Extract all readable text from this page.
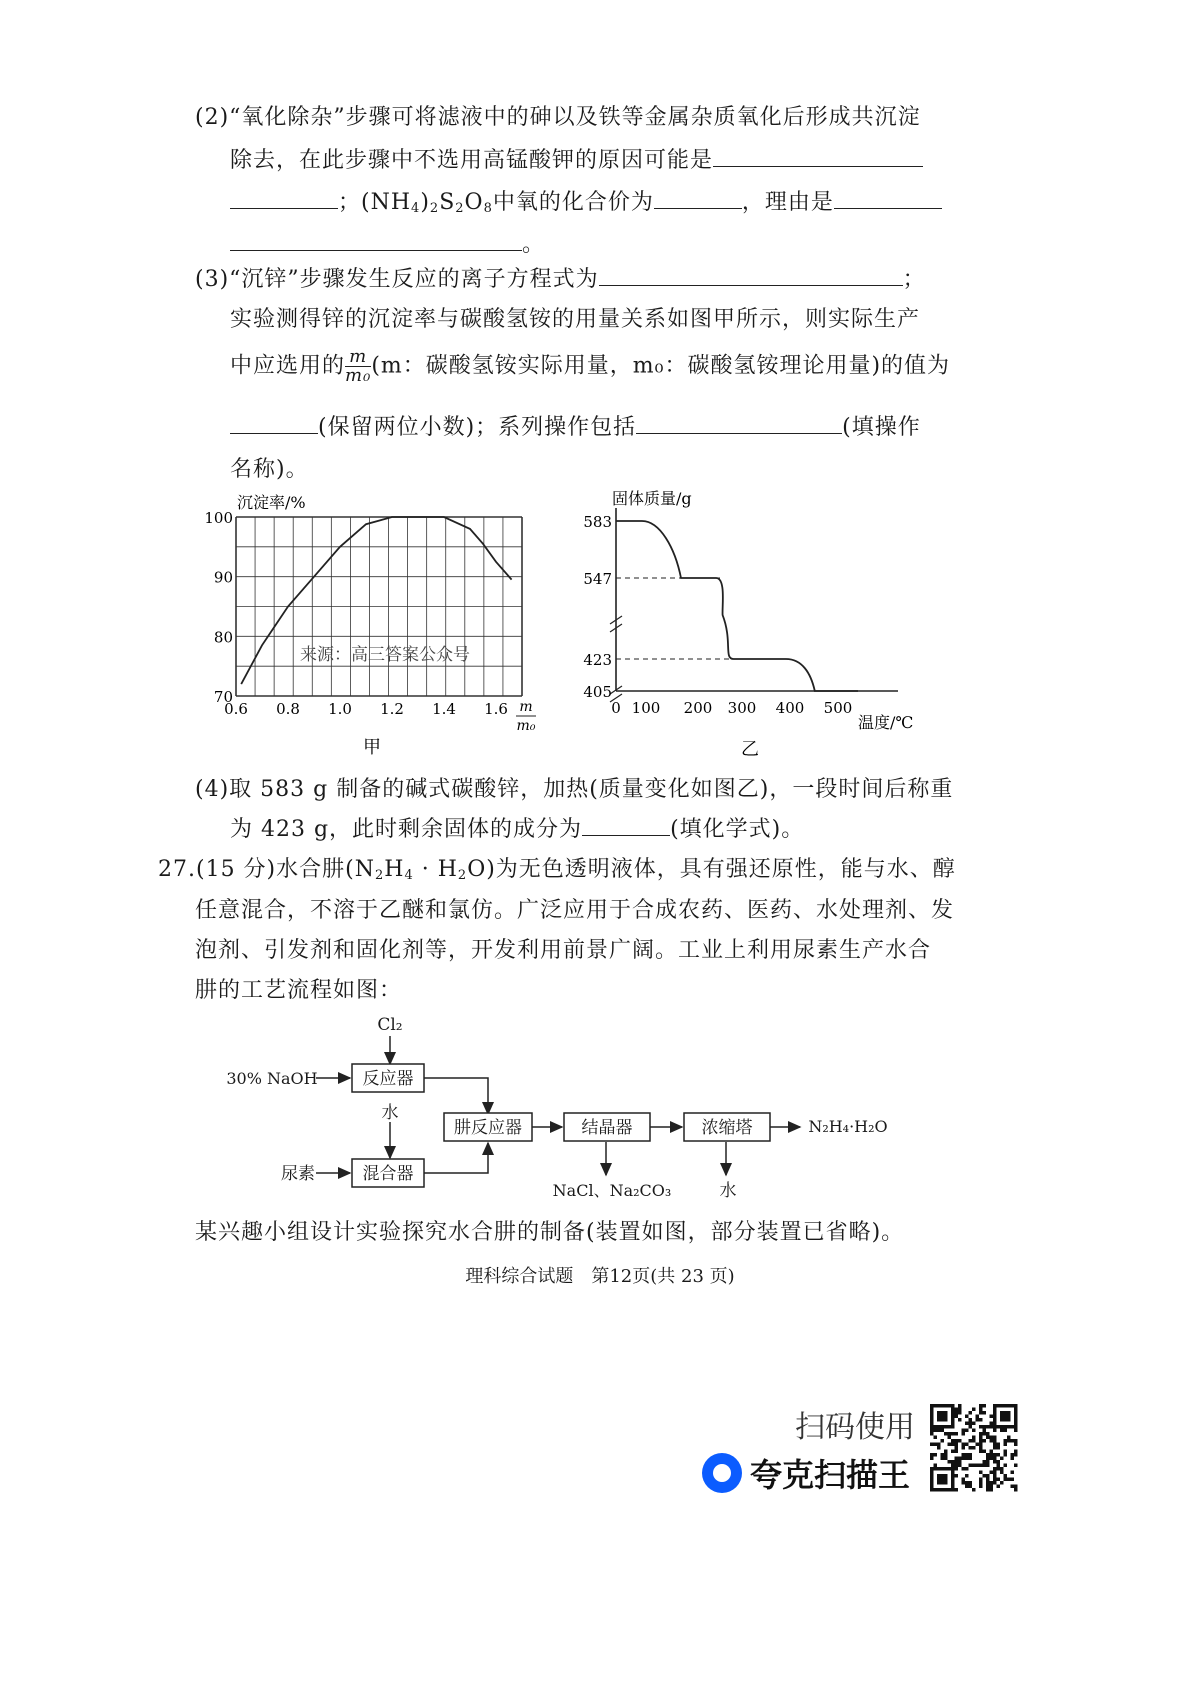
(2)“氧化除杂”步骤可将滤液中的砷以及铁等金属杂质氧化后形成共沉淀
除去，在此步骤中不选用高锰酸钾的原因可能是
；$(NH_4)_2S_2O_8$中氧的化合价为	，理由是
。
(3)“沉锌”步骤发生反应的离子方程式为	；
实验测得锌的沉淀率与碳酸氢铵的用量关系如图甲所示，则实际生产
中应选用的 $\frac{m}{\text{m₀}} (m$：碳酸氢铵实际用量，m₀：碳酸氢铵理论用量)的值为
(保留两位小数)；系列操作包括	(填操作
名称)。
70
80
90
100
0.6 0.8 1.0 1.2 1.4 1.6
沉淀率/%
来源：高三答案公众号
m
m₀
甲
405
423
547
583
0 100 200 300 400 500
固体质量/g
温度/℃
乙
(4)取 583 g 制备的碱式碳酸锌，加热(质量变化如图乙)，一段时间后称重
为 423 g，此时剩余固体的成分为	(填化学式)。
27.(15 分)水合肼$(N_2H_4 \cdot H_2O)$为无色透明液体，具有强还原性，能与水、醇
任意混合，不溶于乙醚和氯仿。广泛应用于合成农药、医药、水处理剂、发
泡剂、引发剂和固化剂等，开发利用前景广阔。工业上利用尿素生产水合
肼的工艺流程如图：
Cl₂
30% NaOH	反应器
水
尿素	混合器
肼反应器	结晶器	浓缩塔	N₂H₄·H₂O
NaCl、Na₂CO₃	水
某兴趣小组设计实验探究水合肼的制备(装置如图，部分装置已省略)。
理科综合试题　第12页(共 23 页)
扫码使用
夸克扫描王
